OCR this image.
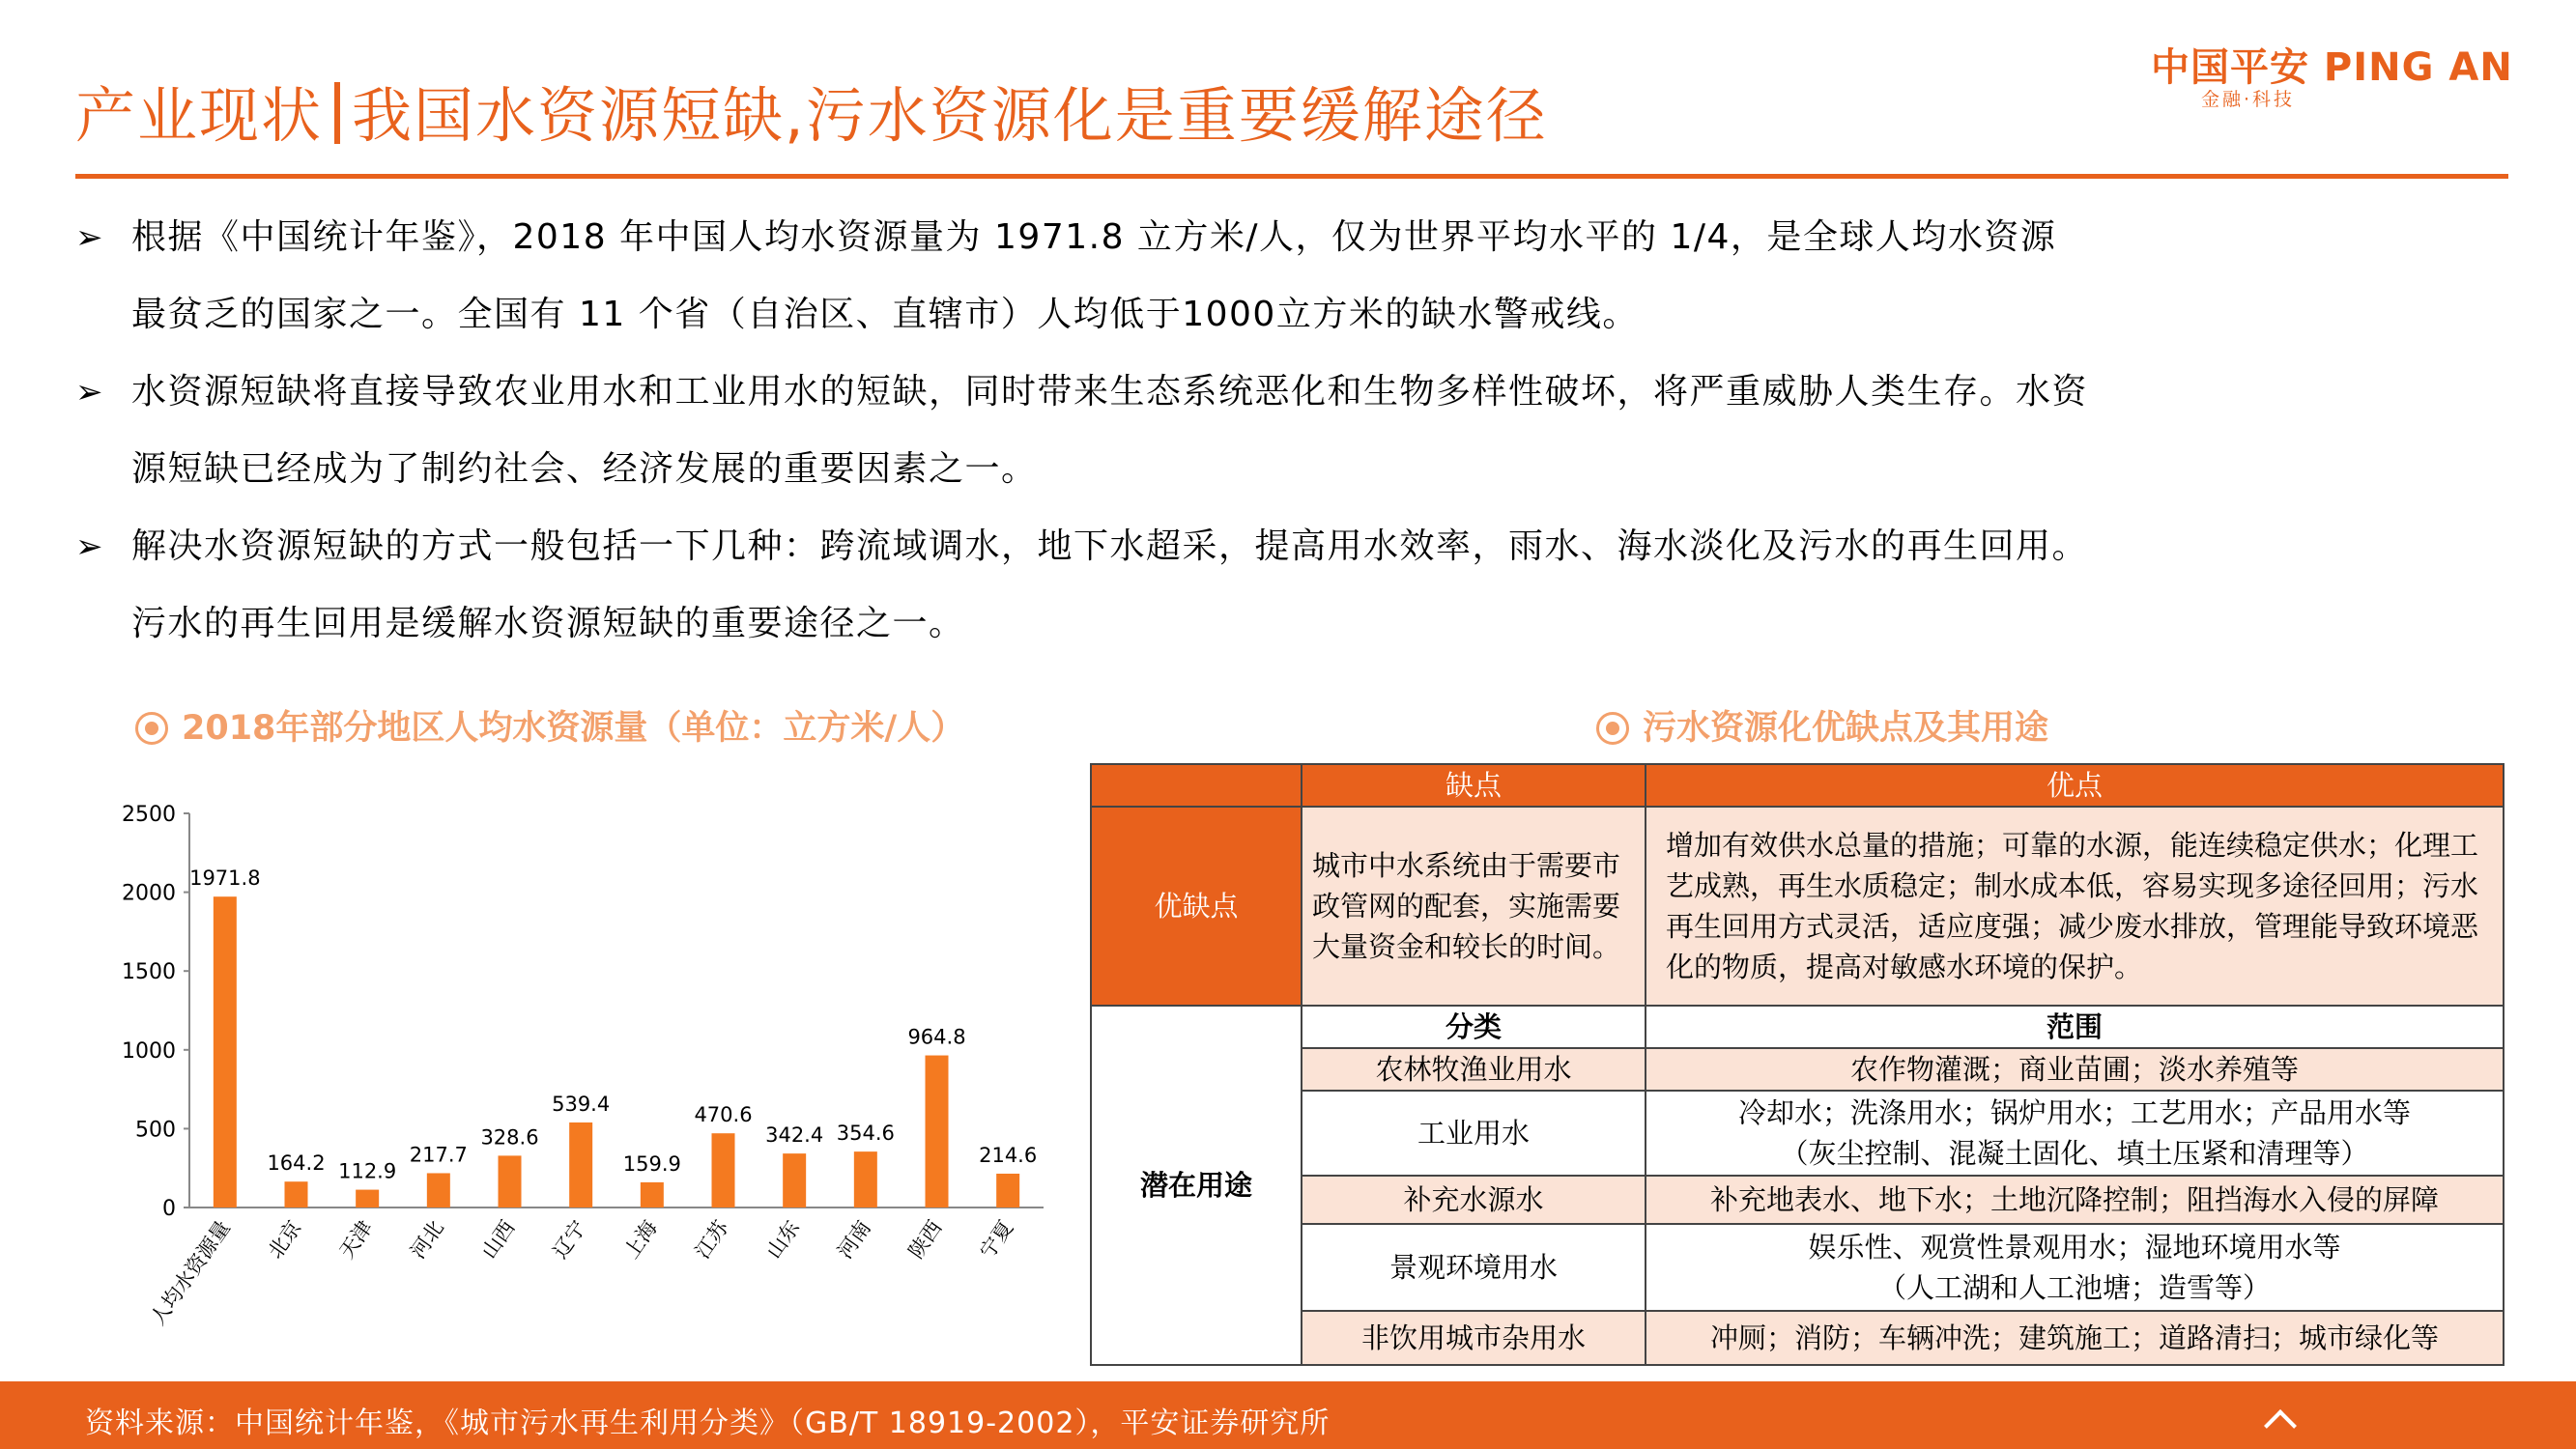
产业现状 我国水资源短缺,污水资源化是重要缓解途径
中国平安 PING AN
金融·科技
➢ 根据《中国统计年鉴》，2018 年中国人均水资源量为 1971.8 立方米/人，仅为世界平均水平的 1/4，是全球人均水资源
最贫乏的国家之一。全国有 11 个省（自治区、直辖市）人均低于1000立方米的缺水警戒线。
➢ 水资源短缺将直接导致农业用水和工业用水的短缺，同时带来生态系统恶化和生物多样性破坏，将严重威胁人类生存。水资
源短缺已经成为了制约社会、经济发展的重要因素之一。
➢ 解决水资源短缺的方式一般包括一下几种：跨流域调水，地下水超采，提高用水效率，雨水、海水淡化及污水的再生回用。
污水的再生回用是缓解水资源短缺的重要途径之一。
2018年部分地区人均水资源量（单位：立方米/人）	污水资源化优缺点及其用途
0
500
1000
1500
2000
2500
1971.8
人均水资源量
164.2
北京
112.9
天津
217.7
河北
328.6
山西
539.4
辽宁
159.9
上海
470.6
江苏
342.4
山东
354.6
河南
964.8
陕西
214.6
宁夏
	缺点	优点
优缺点	城市中水系统由于需要市政管网的配套，实施需要大量资金和较长的时间。	增加有效供水总量的措施；可靠的水源，能连续稳定供水；化理工艺成熟，再生水质稳定；制水成本低，容易实现多途径回用；污水再生回用方式灵活，适应度强；减少废水排放，管理能导致环境恶化的物质，提高对敏感水环境的保护。
潜在用途	分类	范围
	农林牧渔业用水	农作物灌溉；商业苗圃；淡水养殖等

	工业用水	冷却水；洗涤用水；锅炉用水；工艺用水；产品用水等
（灰尘控制、混凝土固化、填土压紧和清理等）

	补充水源水	补充地表水、地下水；土地沉降控制；阻挡海水入侵的屏障

	景观环境用水	娱乐性、观赏性景观用水；湿地环境用水等
（人工湖和人工池塘；造雪等）

	非饮用城市杂用水	冲厕；消防；车辆冲洗；建筑施工；道路清扫；城市绿化等
资料来源：中国统计年鉴，《城市污水再生利用分类》（GB/T 18919-2002），平安证券研究所
